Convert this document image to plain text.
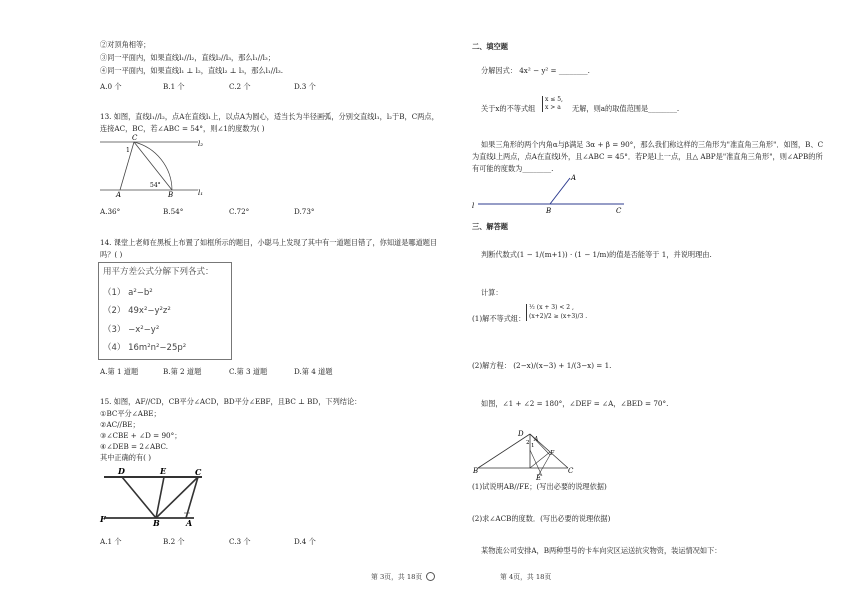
②对顶角相等；
③同一平面内，如果直线l₁//l₂，直线l₂//l₃，那么l₁//l₃；
④同一平面内，如果直线l₁ ⊥ l₂，直线l₂ ⊥ l₃，那么l₁//l₃.
A.0 个	B.1 个	C.2 个	D.3 个
13. 如图，直线l₁//l₂，点A在直线l₁上，以点A为圆心，适当长为半径画弧，分别交直线l₁，l₂于B，C两点，
连接AC，BC，若∠ABC = 54°，则∠1的度数为( )
l₂
l₁
A	B
C
1
54°
A.36°	B.54°	C.72°	D.73°
14. 课堂上老师在黑板上布置了如框所示的题目，小聪马上发现了其中有一道题目错了，你知道是哪道题目
吗？( )
用平方差公式分解下列各式：
（1） a²−b²
（2） 49x²−y²z²
（3） −x²−y²
（4） 16m²n²−25p²
A.第 1 道题	B.第 2 道题	C.第 3 道题	D.第 4 道题
15. 如图，AF//CD，CB平分∠ACD，BD平分∠EBF，且BC ⊥ BD，下列结论：
①BC平分∠ABE；
②AC//BE；
③∠CBE + ∠D = 90°；
④∠DEB = 2∠ABC.
其中正确的有( )
D	E	C
F	B	A
A.1 个	B.2 个	C.3 个	D.4 个
二、填空题
分解因式： 4x² − y² = ________.
关于x的不等式组
x ≤ 5,
x > a 无解，则a的取值范围是________.
如果三角形的两个内角α与β满足 3α + β = 90°，那么我们称这样的三角形为"准直角三角形"．如图，B、C
为直线l上两点，点A在直线l外，且∠ABC = 45°．若P是l上一点，且△ ABP是"准直角三角形"，则∠APB的所
有可能的度数为________.
l
A
B	C
三、解答题
判断代数式(1 − 1/(m+1)) · (1 − 1/m)的值是否能等于 1，并说明理由.
计算：
(1)解不等式组：
½ (x + 3) < 2 ,
(x+2)/2 ≥ (x+3)/3 .
(2)解方程： (2−x)/(x−3) + 1/(3−x) = 1.
如图，∠1 + ∠2 = 180°，∠DEF = ∠A，∠BED = 70°.
D
B	C
E
F
A
1
2
(1)试说明AB//FE；(写出必要的说理依据)
(2)求∠ACB的度数．(写出必要的说理依据)
某物流公司安排A，B两种型号的卡车向灾区运送抗灾物资，装运情况如下：
第 3页，共 18页	第 4页，共 18页
